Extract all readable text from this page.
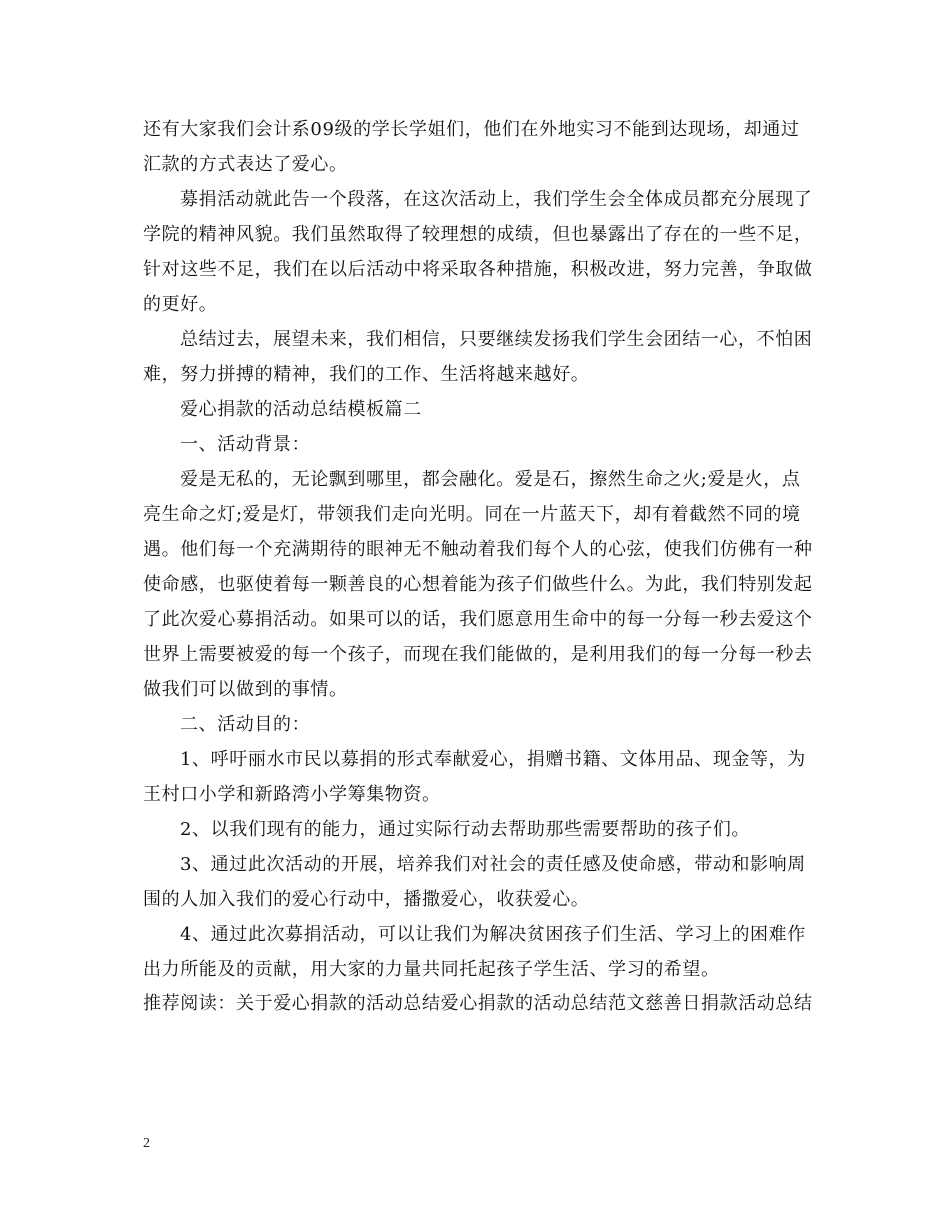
还有大家我们会计系09级的学长学姐们，他们在外地实习不能到达现场，却通过汇款的方式表达了爱心。

募捐活动就此告一个段落，在这次活动上，我们学生会全体成员都充分展现了学院的精神风貌。我们虽然取得了较理想的成绩，但也暴露出了存在的一些不足，针对这些不足，我们在以后活动中将采取各种措施，积极改进，努力完善，争取做的更好。

总结过去，展望未来，我们相信，只要继续发扬我们学生会团结一心，不怕困难，努力拼搏的精神，我们的工作、生活将越来越好。

爱心捐款的活动总结模板篇二

一、活动背景：

爱是无私的，无论飘到哪里，都会融化。爱是石，擦然生命之火;爱是火，点亮生命之灯;爱是灯，带领我们走向光明。同在一片蓝天下，却有着截然不同的境遇。他们每一个充满期待的眼神无不触动着我们每个人的心弦，使我们仿佛有一种使命感，也驱使着每一颗善良的心想着能为孩子们做些什么。为此，我们特别发起了此次爱心募捐活动。如果可以的话，我们愿意用生命中的每一分每一秒去爱这个世界上需要被爱的每一个孩子，而现在我们能做的，是利用我们的每一分每一秒去做我们可以做到的事情。

二、活动目的：

1、呼吁丽水市民以募捐的形式奉献爱心，捐赠书籍、文体用品、现金等，为王村口小学和新路湾小学筹集物资。

2、以我们现有的能力，通过实际行动去帮助那些需要帮助的孩子们。

3、通过此次活动的开展，培养我们对社会的责任感及使命感，带动和影响周围的人加入我们的爱心行动中，播撒爱心，收获爱心。

4、通过此次募捐活动，可以让我们为解决贫困孩子们生活、学习上的困难作出力所能及的贡献，用大家的力量共同托起孩子学生活、学习的希望。

推荐阅读：关于爱心捐款的活动总结爱心捐款的活动总结范文慈善日捐款活动总结

2
